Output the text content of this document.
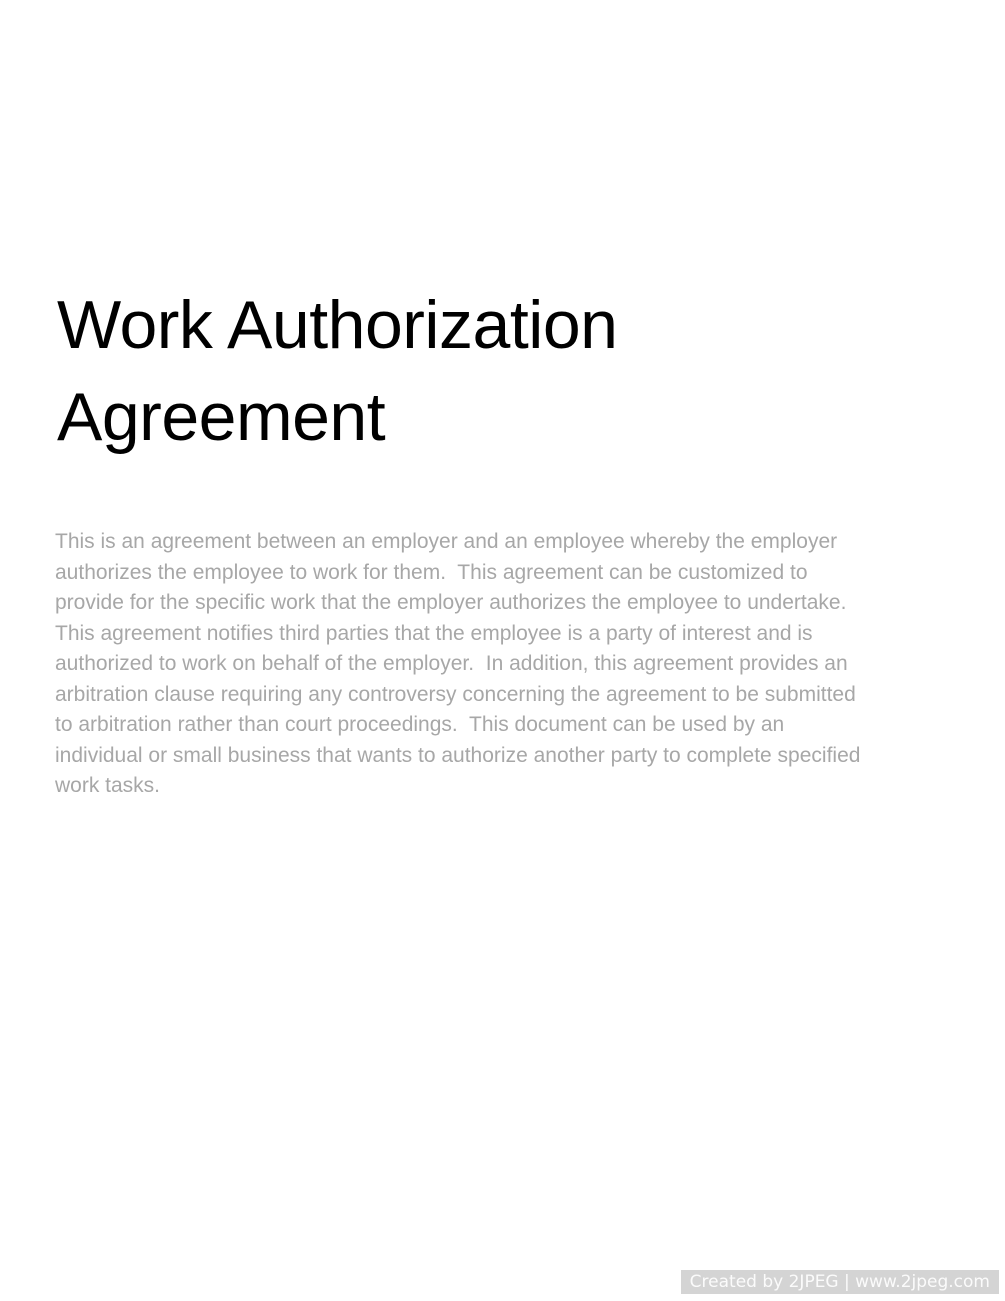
Work Authorization Agreement
This is an agreement between an employer and an employee whereby the employer
authorizes the employee to work for them.  This agreement can be customized to
provide for the specific work that the employer authorizes the employee to undertake.
This agreement notifies third parties that the employee is a party of interest and is
authorized to work on behalf of the employer.  In addition, this agreement provides an
arbitration clause requiring any controversy concerning the agreement to be submitted
to arbitration rather than court proceedings.  This document can be used by an
individual or small business that wants to authorize another party to complete specified
work tasks.
Created by 2JPEG | www.2jpeg.com
